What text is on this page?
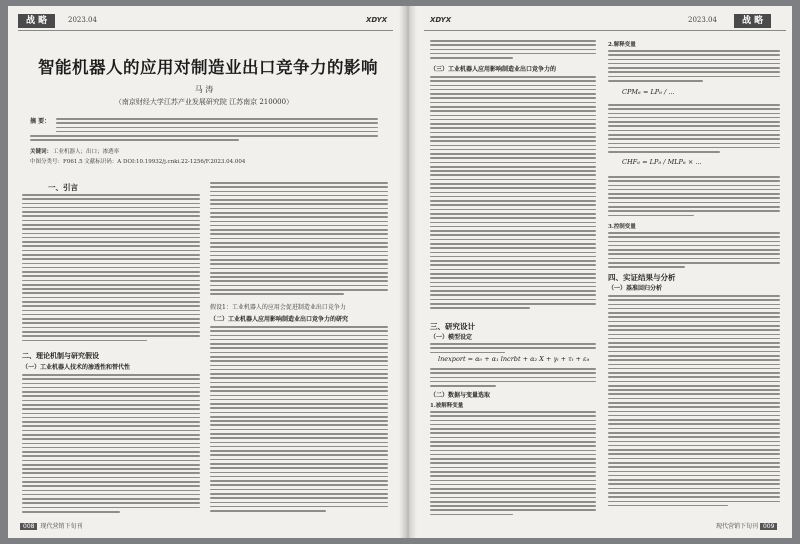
战 略	2023.04	XDYX
智能机器人的应用对制造业出口竞争力的影响
马 涛
（南京财经大学江苏产业发展研究院 江苏南京 210000）
摘 要：
关键词： 工业机器人；出口；渗透率
中图分类号：F061.5 文献标识码：A DOI:10.19932/j.cnki.22-1256/F.2023.04.004
一、引言
二、理论机制与研究假设
（一）工业机器人技术的渗透性和替代性
假设1：工业机器人的应用会促进制造业出口竞争力
（二）工业机器人应用影响制造业出口竞争力的研究
008 现代营销下旬刊
XDYX	2023.04	战 略
（三）工业机器人应用影响制造业出口竞争力的
三、研究设计
（一）模型设定
lnexport = α₀ + α₁ lncrbt + α₂ X + γᵢ + τₜ + εᵢₜ
（二）数据与变量选取
1.被解释变量
2.解释变量
CPMᵢₜ = LPᵢₜ / ...
CHFᵢₜ = LPᵢₜ / MLPᵢₜ × ...
3.控制变量
四、实证结果与分析
（一）基准回归分析
现代营销下旬刊 009
